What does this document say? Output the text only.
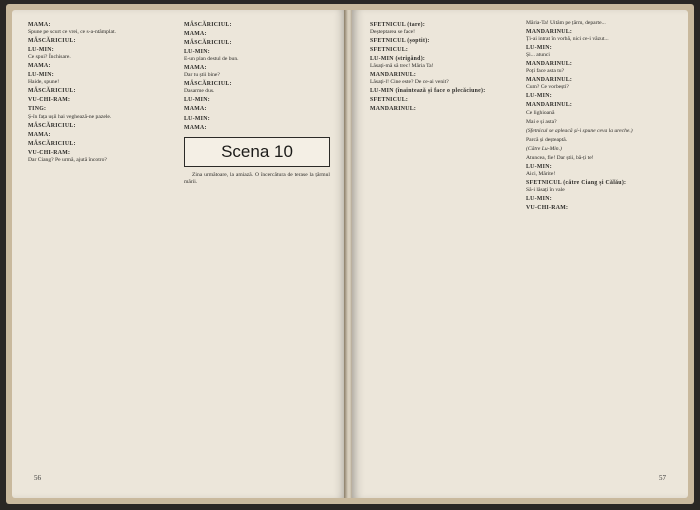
MAMA:
Spune pe scurt ce vrei, ce s-a-ntâmplat.

MĂSCĂRICIUL:

LU-MIN:
Ce spui? Închisare.

MAMA:

LU-MIN:
Haide, spune!

MĂSCĂRICIUL:

VU-CHI-RAM:

TING:
Ș-în fața ușii hai veghează-ne pazele.

MĂSCĂRICIUL:

MAMA:

MĂSCĂRICIUL:

VU-CHI-RAM:
Dar Ciang? Pe urmă, ajută încotro?

MĂSCĂRICIUL:

MAMA:

MĂSCĂRICIUL:

LU-MIN:
E-un plan destul de bun.

MAMA:
Dar tu știi bine?

MĂSCĂRICIUL:
Dasarme dus.

LU-MIN:

MAMA:

LU-MIN:

MAMA:

Scena 10

Zina următoare, la amiază. O încercătura de terase la țărmul mării.

56

SFETNICUL (tare):
Deșteptarea se face!

SFETNICUL (șoptit):

SFETNICUL:

LU-MIN (strigând):
Lăsați-mă să trec! Măria Ta!

MANDARINUL:
Lăsați-l! Cine este? De ce-ai venit?

LU-MIN (înaintează și face o plecăciune):

SFETNICUL:

MANDARINUL:

Măria-Ta! Uităm pe țărm, departe...

MANDARINUL:
Ți-ai intrat în vorbă, nici ce-i văzut...

LU-MIN:
Și... atunci

MANDARINUL:
Poți face asta tu?

MANDARINUL:
Cum? Ce vorbești?

LU-MIN:

MANDARINUL:
Ce lighioană

Mai e și asta?

(Sfetnicul se apleacă și-i spune ceva la ureche.)

Parcă și deșteaptă.

(Către Lu-Min.)

Atuncea, fie! Dar știi, bă-ți te!

LU-MIN:
Aici, Mărite!

SFETNICUL (către Ciang și Călău):
Să-i lăsați în vale

LU-MIN:

VU-CHI-RAM:

57
